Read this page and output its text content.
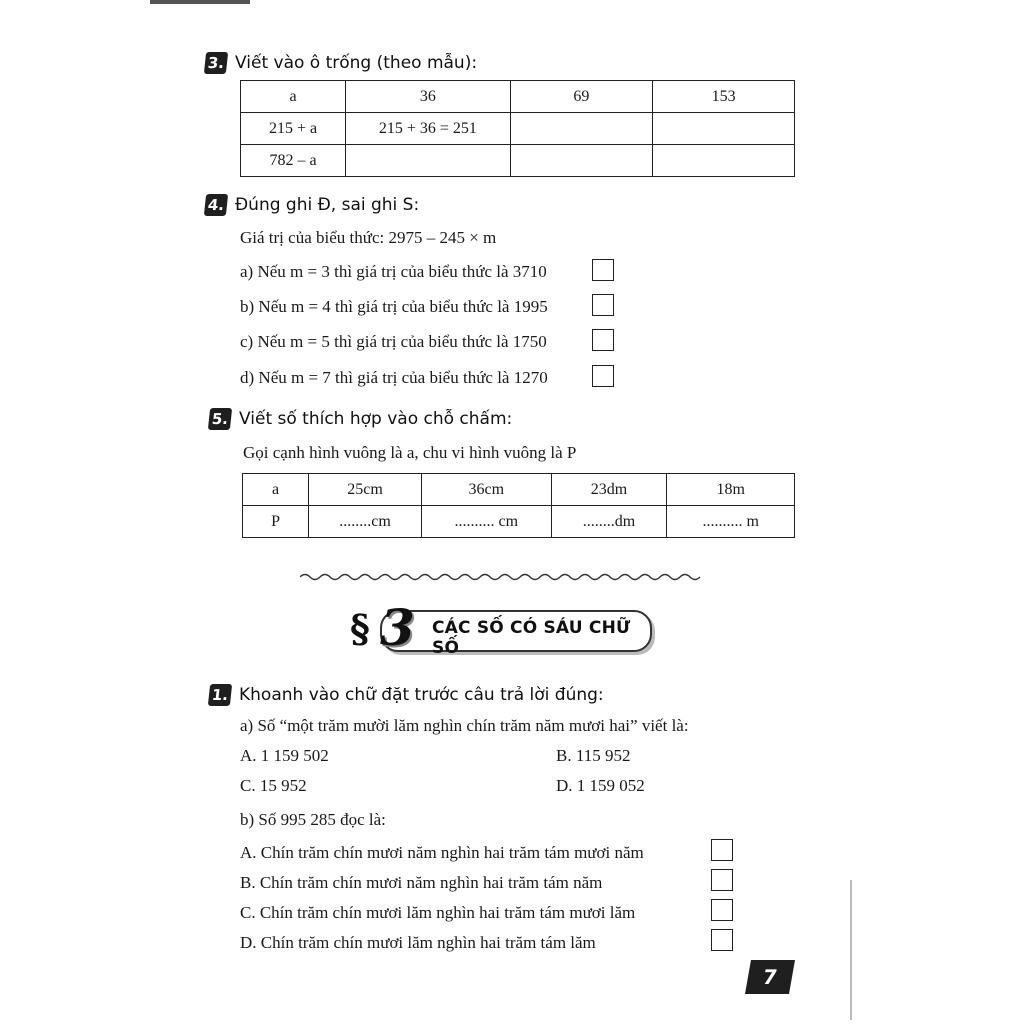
3. Viết vào ô trống (theo mẫu):
a	36	69	153
215 + a	215 + 36 = 251		
782 – a			
4. Đúng ghi Đ, sai ghi S:
Giá trị của biểu thức: 2975 – 245 × m
a) Nếu m = 3 thì giá trị của biểu thức là 3710
b) Nếu m = 4 thì giá trị của biểu thức là 1995
c) Nếu m = 5 thì giá trị của biểu thức là 1750
d) Nếu m = 7 thì giá trị của biểu thức là 1270
5. Viết số thích hợp vào chỗ chấm:
Gọi cạnh hình vuông là a, chu vi hình vuông là P
a	25cm	36cm	23dm	18m
P	........cm	.......... cm	........dm	.......... m
§ 3 CÁC SỐ CÓ SÁU CHỮ SỐ
1. Khoanh vào chữ đặt trước câu trả lời đúng:
a) Số “một trăm mười lăm nghìn chín trăm năm mươi hai” viết là:
A. 1 159 502	B. 115 952
C. 15 952	D. 1 159 052
b) Số 995 285 đọc là:
A. Chín trăm chín mươi năm nghìn hai trăm tám mươi năm
B. Chín trăm chín mươi năm nghìn hai trăm tám năm
C. Chín trăm chín mươi lăm nghìn hai trăm tám mươi lăm
D. Chín trăm chín mươi lăm nghìn hai trăm tám lăm
7
